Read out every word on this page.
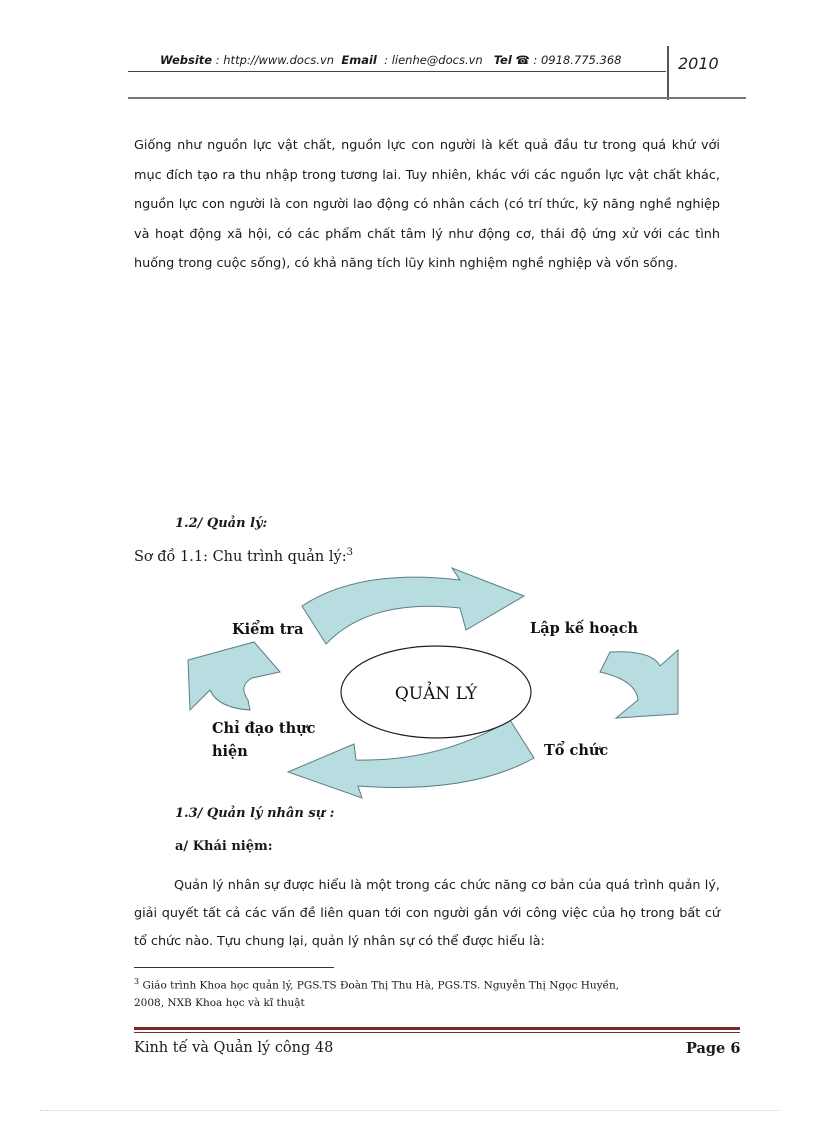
Website : http://www.docs.vn Email  : lienhe@docs.vn Tel ☎ : 0918.775.368	2010
Giống như nguồn lực vật chất, nguồn lực con người là kết quả đầu tư trong quá khứ với mục đích tạo ra thu nhập trong tương lai. Tuy nhiên, khác với các nguồn lực vật chất khác, nguồn lực con người là con người lao động có nhân cách (có trí thức, kỹ năng nghề nghiệp và hoạt động xã hội, có các phẩm chất tâm lý như động cơ, thái độ ứng xử với các tình huống trong cuộc sống), có khả năng tích lũy kinh nghiệm nghề nghiệp và vốn sống.
1.2/ Quản lý:
Sơ đồ 1.1: Chu trình quản lý:$^3$
QUẢN LÝ
Kiểm tra	Lập kế hoạch
Chỉ đạo thực
hiện	Tổ chức
1.3/ Quản lý nhân sự :
a/ Khái niệm:
Quản lý nhân sự được hiểu là một trong các chức năng cơ bản của quá trình quản lý, giải quyết tất cả các vấn đề liên quan tới con người gắn với công việc của họ trong bất cứ tổ chức nào. Tựu chung lại, quản lý nhân sự có thể được hiểu là:
$^3$ Giáo trình Khoa học quản lý, PGS.TS Đoàn Thị Thu Hà, PGS.TS. Nguyễn Thị Ngọc Huyền,
2008, NXB Khoa học và kĩ thuật
Kinh tế và Quản lý công 48	Page 6
